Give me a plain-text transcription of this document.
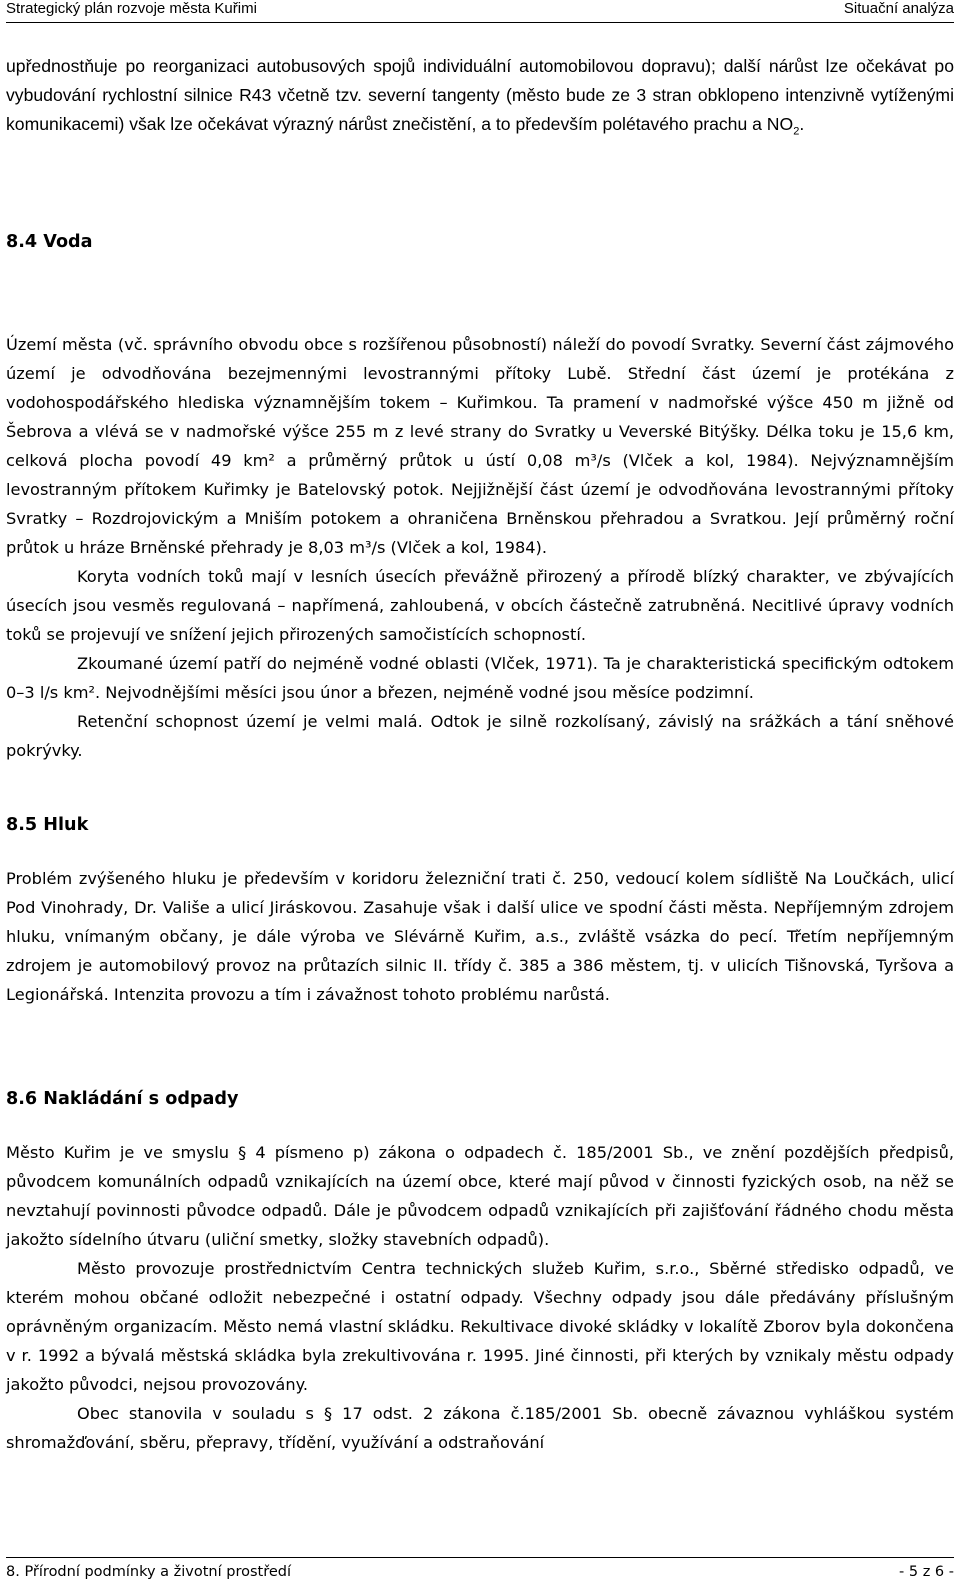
Strategický plán rozvoje města Kuřimi	Situační analýza

upřednostňuje po reorganizaci autobusových spojů individuální automobilovou dopravu); další nárůst lze očekávat po vybudování rychlostní silnice R43 včetně tzv. severní tangenty (město bude ze 3 stran obklopeno intenzivně vytíženými komunikacemi) však lze očekávat výrazný nárůst znečistění, a to především polétavého prachu a $NO_2$.

8.4 Voda

Území města (vč. správního obvodu obce s rozšířenou působností) náleží do povodí Svratky. Severní část zájmového území je odvodňována bezejmennými levostrannými přítoky Lubě. Střední část území je protékána z vodohospodářského hlediska významnějším tokem – Kuřimkou. Ta pramení v nadmořské výšce 450 m jižně od Šebrova a vlévá se v nadmořské výšce 255 m z levé strany do Svratky u Veverské Bitýšky. Délka toku je 15,6 km, celková plocha povodí 49 km² a průměrný průtok u ústí 0,08 m³/s (Vlček a kol, 1984). Nejvýznamnějším levostranným přítokem Kuřimky je Batelovský potok. Nejjižnější část území je odvodňována levostrannými přítoky Svratky – Rozdrojovickým a Mniším potokem a ohraničena Brněnskou přehradou a Svratkou. Její průměrný roční průtok u hráze Brněnské přehrady je 8,03 m³/s (Vlček a kol, 1984).

Koryta vodních toků mají v lesních úsecích převážně přirozený a přírodě blízký charakter, ve zbývajících úsecích jsou vesměs regulovaná – napřímená, zahloubená, v obcích částečně zatrubněná. Necitlivé úpravy vodních toků se projevují ve snížení jejich přirozených samočistících schopností.

Zkoumané území patří do nejméně vodné oblasti (Vlček, 1971). Ta je charakteristická specifickým odtokem 0–3 l/s km². Nejvodnějšími měsíci jsou únor a březen, nejméně vodné jsou měsíce podzimní.

Retenční schopnost území je velmi malá. Odtok je silně rozkolísaný, závislý na srážkách a tání sněhové pokrývky.

8.5 Hluk

Problém zvýšeného hluku je především v koridoru železniční trati č. 250, vedoucí kolem sídliště Na Loučkách, ulicí Pod Vinohrady, Dr. Vališe a ulicí Jiráskovou. Zasahuje však i další ulice ve spodní části města. Nepříjemným zdrojem hluku, vnímaným občany, je dále výroba ve Slévárně Kuřim, a.s., zvláště vsázka do pecí. Třetím nepříjemným zdrojem je automobilový provoz na průtazích silnic II. třídy č. 385 a 386 městem, tj. v ulicích Tišnovská, Tyršova a Legionářská. Intenzita provozu a tím i závažnost tohoto problému narůstá.

8.6 Nakládání s odpady

Město Kuřim je ve smyslu § 4 písmeno p) zákona o odpadech č. 185/2001 Sb., ve znění pozdějších předpisů, původcem komunálních odpadů vznikajících na území obce, které mají původ v činnosti fyzických osob, na něž se nevztahují povinnosti původce odpadů. Dále je původcem odpadů vznikajících při zajišťování řádného chodu města jakožto sídelního útvaru (uliční smetky, složky stavebních odpadů).

Město provozuje prostřednictvím Centra technických služeb Kuřim, s.r.o., Sběrné středisko odpadů, ve kterém mohou občané odložit nebezpečné i ostatní odpady. Všechny odpady jsou dále předávány příslušným oprávněným organizacím. Město nemá vlastní skládku. Rekultivace divoké skládky v lokalítě Zborov byla dokončena v r. 1992 a bývalá městská skládka byla zrekultivována r. 1995. Jiné činnosti, při kterých by vznikaly městu odpady jakožto původci, nejsou provozovány.

Obec stanovila v souladu s § 17 odst. 2 zákona č.185/2001 Sb. obecně závaznou vyhláškou systém shromažďování, sběru, přepravy, třídění, využívání a odstraňování

8. Přírodní podmínky a životní prostředí	- 5 z 6 -
